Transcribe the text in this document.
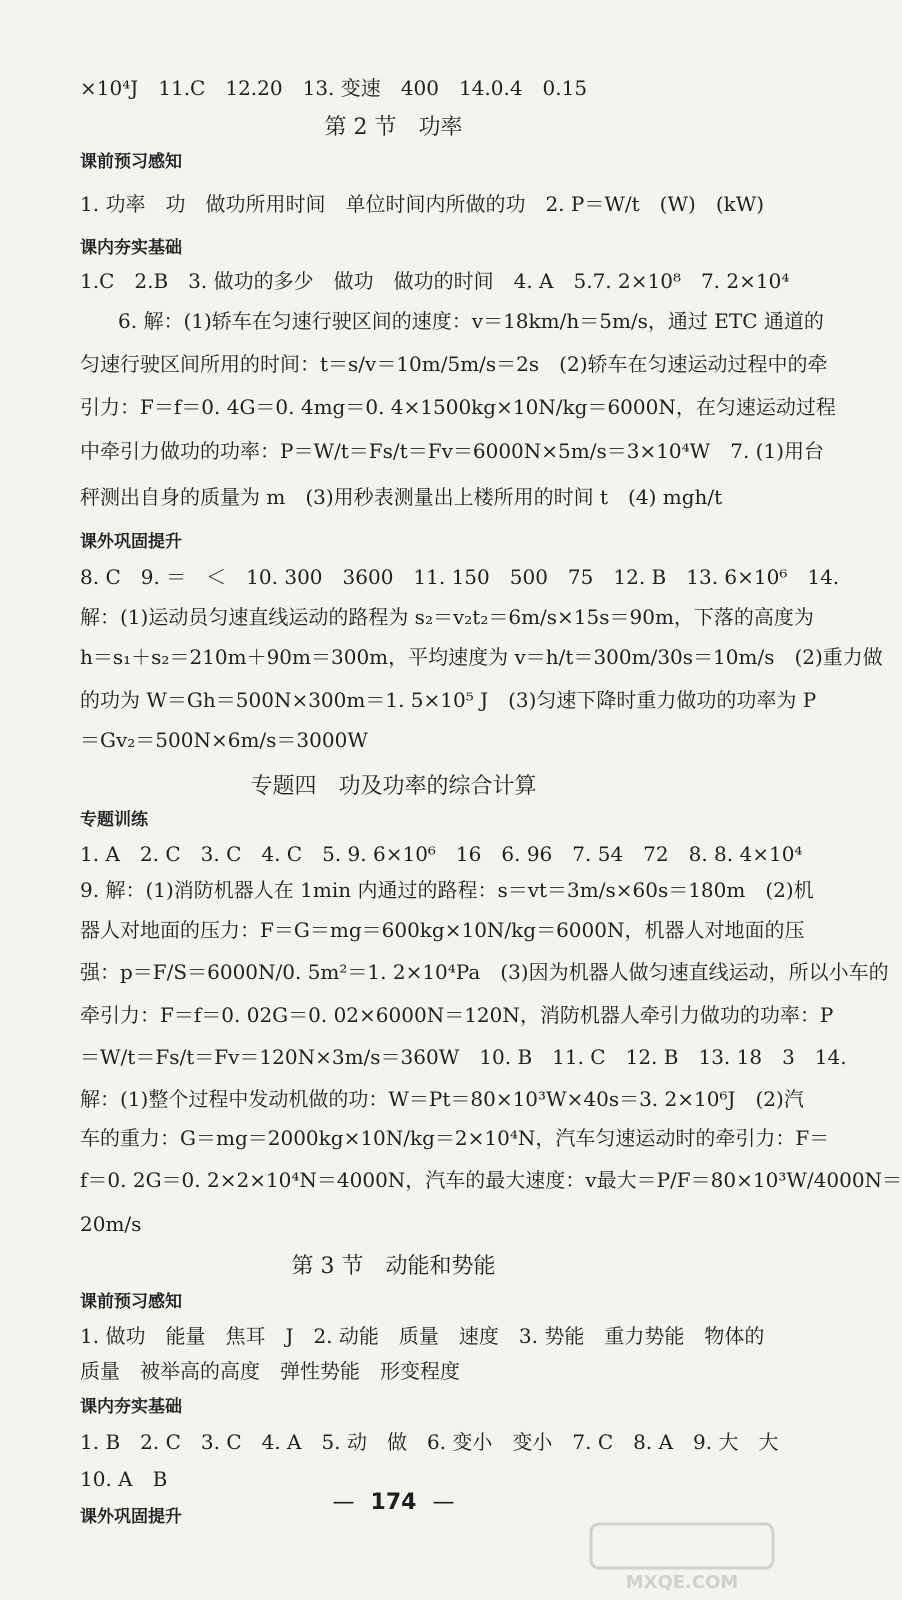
×10⁴J　11.C　12.20　13. 变速　400　14.0.4　0.15
第 2 节　功率
课前预习感知
1. 功率　功　做功所用时间　单位时间内所做的功　2. P＝W/t　(W)　(kW)
课内夯实基础
1.C　2.B　3. 做功的多少　做功　做功的时间　4. A　5.7. 2×10⁸　7. 2×10⁴
6. 解：(1)轿车在匀速行驶区间的速度：v＝18km/h＝5m/s，通过 ETC 通道的
匀速行驶区间所用的时间：t＝s/v＝10m/5m/s＝2s　(2)轿车在匀速运动过程中的牵
引力：F＝f＝0. 4G＝0. 4mg＝0. 4×1500kg×10N/kg＝6000N，在匀速运动过程
中牵引力做功的功率：P＝W/t＝Fs/t＝Fv＝6000N×5m/s＝3×10⁴W　7. (1)用台
秤测出自身的质量为 m　(3)用秒表测量出上楼所用的时间 t　(4) mgh/t
课外巩固提升
8. C　9. ＝　＜　10. 300　3600　11. 150　500　75　12. B　13. 6×10⁶　14.
解：(1)运动员匀速直线运动的路程为 s₂＝v₂t₂＝6m/s×15s＝90m，下落的高度为
h＝s₁＋s₂＝210m＋90m＝300m，平均速度为 v＝h/t＝300m/30s＝10m/s　(2)重力做
的功为 W＝Gh＝500N×300m＝1. 5×10⁵ J　(3)匀速下降时重力做功的功率为 P
＝Gv₂＝500N×6m/s＝3000W
专题四　功及功率的综合计算
专题训练
1. A　2. C　3. C　4. C　5. 9. 6×10⁶　16　6. 96　7. 54　72　8. 8. 4×10⁴
9. 解：(1)消防机器人在 1min 内通过的路程：s＝vt＝3m/s×60s＝180m　(2)机
器人对地面的压力：F＝G＝mg＝600kg×10N/kg＝6000N，机器人对地面的压
强：p＝F/S＝6000N/0. 5m²＝1. 2×10⁴Pa　(3)因为机器人做匀速直线运动，所以小车的
牵引力：F＝f＝0. 02G＝0. 02×6000N＝120N，消防机器人牵引力做功的功率：P
＝W/t＝Fs/t＝Fv＝120N×3m/s＝360W　10. B　11. C　12. B　13. 18　3　14.
解：(1)整个过程中发动机做的功：W＝Pt＝80×10³W×40s＝3. 2×10⁶J　(2)汽
车的重力：G＝mg＝2000kg×10N/kg＝2×10⁴N，汽车匀速运动时的牵引力：F＝
f＝0. 2G＝0. 2×2×10⁴N＝4000N，汽车的最大速度：v最大＝P/F＝80×10³W/4000N＝
20m/s
第 3 节　动能和势能
课前预习感知
1. 做功　能量　焦耳　J　2. 动能　质量　速度　3. 势能　重力势能　物体的
质量　被举高的高度　弹性势能　形变程度
课内夯实基础
1. B　2. C　3. C　4. A　5. 动　做　6. 变小　变小　7. C　8. A　9. 大　大
10. A　B
课外巩固提升
— 174 —
MXQE.COM
